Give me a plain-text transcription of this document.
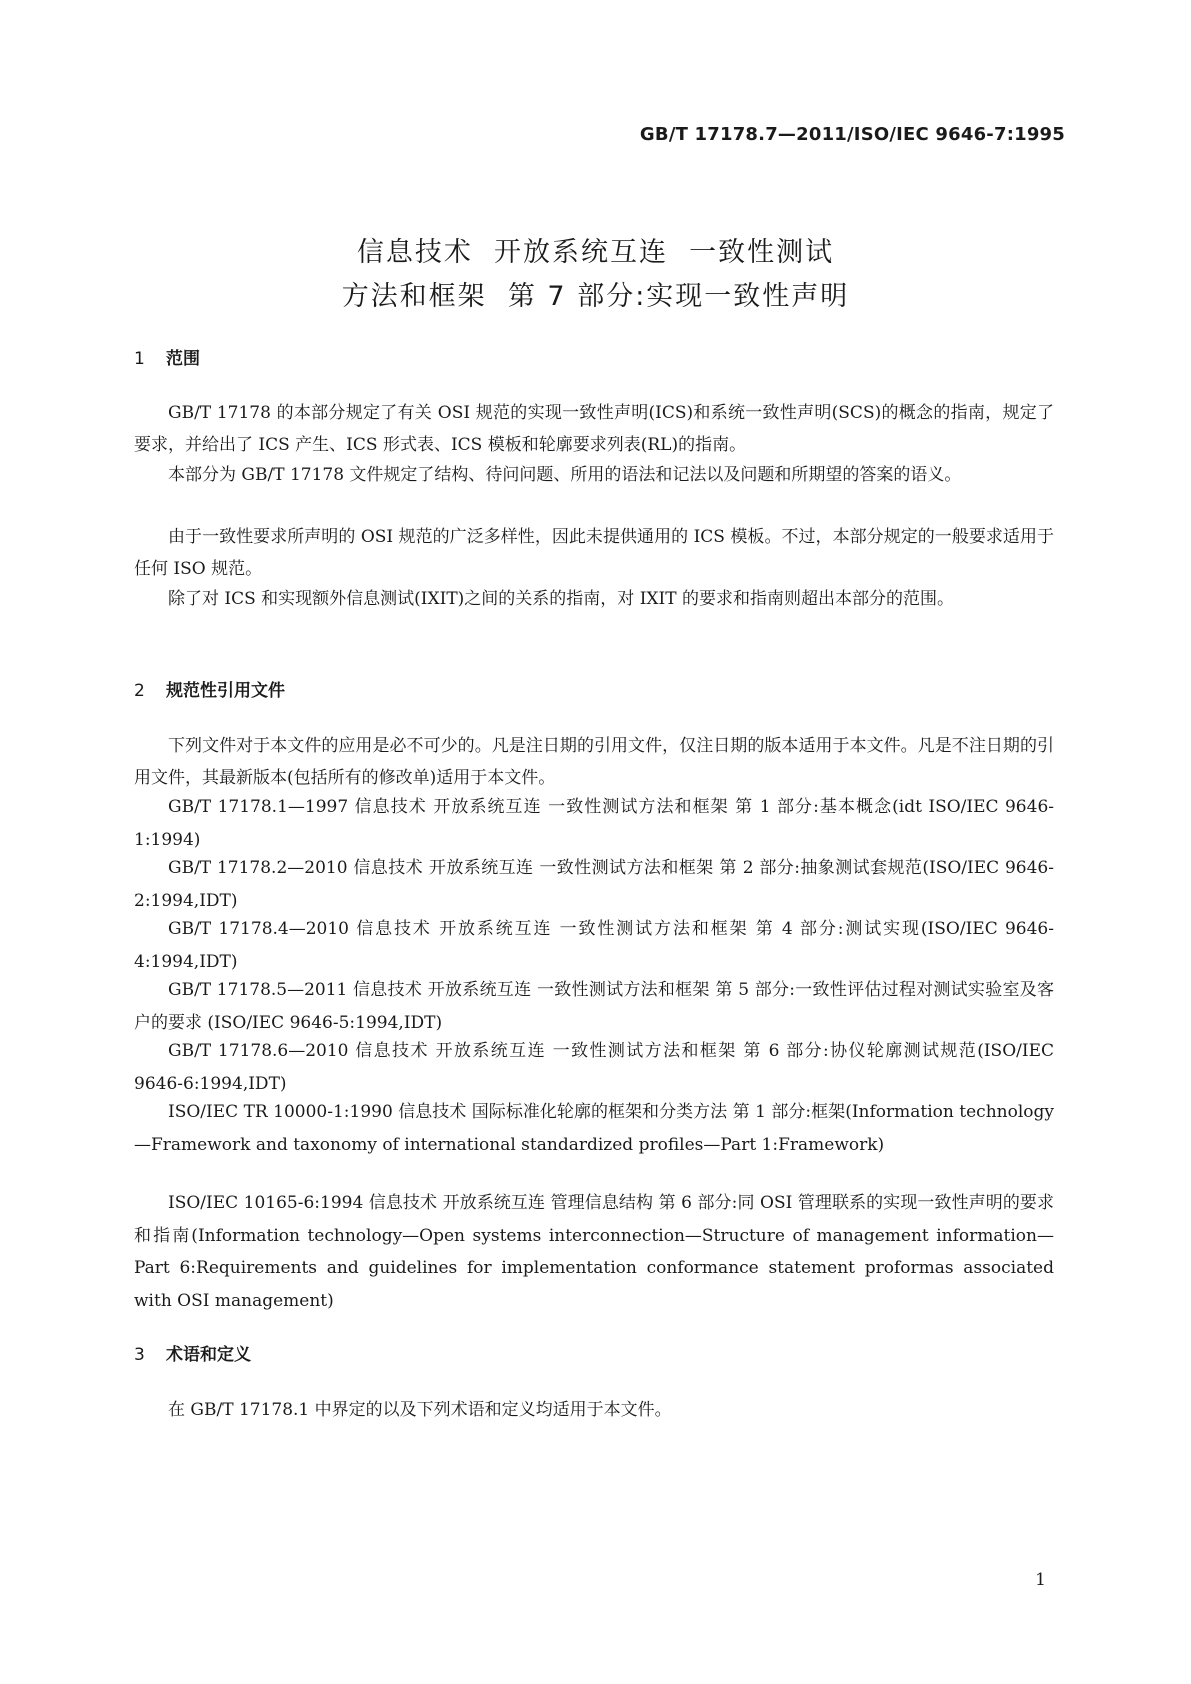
GB/T 17178.7—2011/ISO/IEC 9646-7:1995
信息技术  开放系统互连  一致性测试
方法和框架  第 7 部分:实现一致性声明
1 范围
GB/T 17178 的本部分规定了有关 OSI 规范的实现一致性声明(ICS)和系统一致性声明(SCS)的概念的指南，规定了要求，并给出了 ICS 产生、ICS 形式表、ICS 模板和轮廓要求列表(RL)的指南。
本部分为 GB/T 17178 文件规定了结构、待问问题、所用的语法和记法以及问题和所期望的答案的语义。
由于一致性要求所声明的 OSI 规范的广泛多样性，因此未提供通用的 ICS 模板。不过，本部分规定的一般要求适用于任何 ISO 规范。
除了对 ICS 和实现额外信息测试(IXIT)之间的关系的指南，对 IXIT 的要求和指南则超出本部分的范围。
2 规范性引用文件
下列文件对于本文件的应用是必不可少的。凡是注日期的引用文件，仅注日期的版本适用于本文件。凡是不注日期的引用文件，其最新版本(包括所有的修改单)适用于本文件。
GB/T 17178.1—1997 信息技术 开放系统互连 一致性测试方法和框架 第 1 部分:基本概念(idt ISO/IEC 9646-1:1994)
GB/T 17178.2—2010 信息技术 开放系统互连 一致性测试方法和框架 第 2 部分:抽象测试套规范(ISO/IEC 9646-2:1994,IDT)
GB/T 17178.4—2010 信息技术 开放系统互连 一致性测试方法和框架 第 4 部分:测试实现(ISO/IEC 9646-4:1994,IDT)
GB/T 17178.5—2011 信息技术 开放系统互连 一致性测试方法和框架 第 5 部分:一致性评估过程对测试实验室及客户的要求 (ISO/IEC 9646-5:1994,IDT)
GB/T 17178.6—2010 信息技术 开放系统互连 一致性测试方法和框架 第 6 部分:协仪轮廓测试规范(ISO/IEC 9646-6:1994,IDT)
ISO/IEC TR 10000-1:1990 信息技术 国际标准化轮廓的框架和分类方法 第 1 部分:框架(Information technology—Framework and taxonomy of international standardized profiles—Part 1:Framework)
ISO/IEC 10165-6:1994 信息技术 开放系统互连 管理信息结构 第 6 部分:同 OSI 管理联系的实现一致性声明的要求和指南(Information technology—Open systems interconnection—Structure of management information—Part 6:Requirements and guidelines for implementation conformance statement proformas associated with OSI management)
3 术语和定义
在 GB/T 17178.1 中界定的以及下列术语和定义均适用于本文件。
1
